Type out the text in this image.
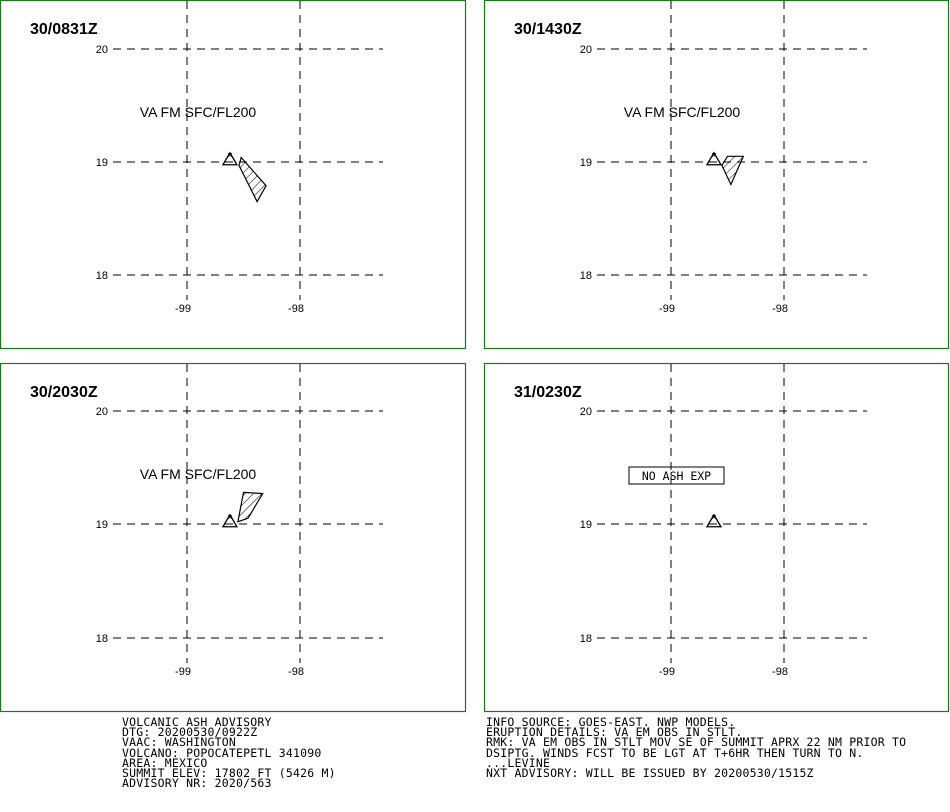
20
19
18
-99	-98
30/0831Z
VA FM SFC/FL200
×
20
19
18
-99	-98
30/1430Z
VA FM SFC/FL200
×
20
19
18
-99	-98
30/2030Z
VA FM SFC/FL200
×
20
19
18
-99	-98
31/0230Z
NO ASH EXP
×
VOLCANIC ASH ADVISORY
DTG: 20200530/0922Z
VAAC: WASHINGTON
VOLCANO: POPOCATEPETL 341090
AREA: MEXICO
SUMMIT ELEV: 17802 FT (5426 M)
ADVISORY NR: 2020/563
INFO SOURCE: GOES-EAST. NWP MODELS.
ERUPTION DETAILS: VA EM OBS IN STLT.
RMK: VA EM OBS IN STLT MOV SE OF SUMMIT APRX 22 NM PRIOR TO
DSIPTG. WINDS FCST TO BE LGT AT T+6HR THEN TURN TO N.
...LEVINE
NXT ADVISORY: WILL BE ISSUED BY 20200530/1515Z
